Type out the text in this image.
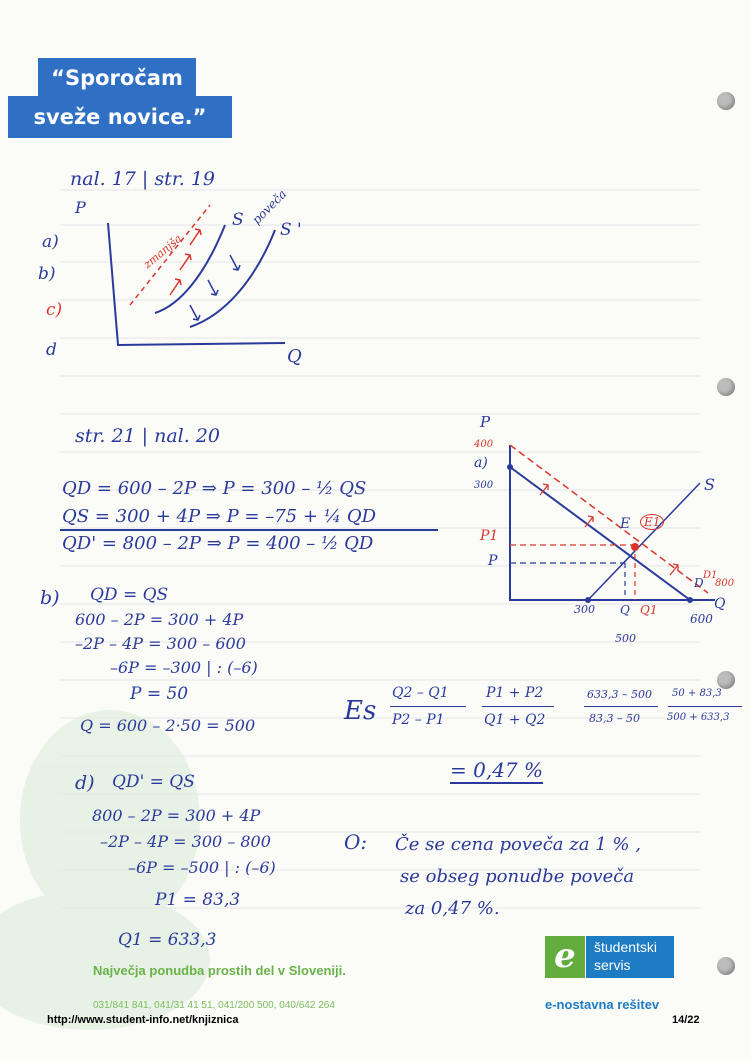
“Sporočam
sveže novice.”
nal. 17 | str. 19
P
Q
zmanjša
poveča
S S '
a)
b)
c)
d
str. 21 | nal. 20
QD = 600 – 2P ⇒ P = 300 – ½ QS
QS = 300 + 4P ⇒ P = –75 + ¼ QD
QD' = 800 – 2P ⇒ P = 400 – ½ QD
b) QD = QS
600 – 2P = 300 + 4P
–2P – 4P = 300 – 600
–6P = –300 | : (–6)
P = 50
Q = 600 – 2·50 = 500
d) QD' = QS
800 – 2P = 300 + 4P
–2P – 4P = 300 – 800
–6P = –500 | : (–6)
P1 = 83,3
Q1 = 633,3
P
400
a)
300
P1
P
E	E1
S
D
D1
800
Q
300 Q Q1
600
500
Es
Q2 – Q1
P2 – P1
P1 + P2
Q1 + Q2
633,3 – 500
83,3 – 50
50 + 83,3
500 + 633,3
= 0,47 %
O: Če se cena poveča za 1 % ,
se obseg ponudbe poveča
za 0,47 %.
Največja ponudba prostih del v Sloveniji.
031/841 841, 041/31 41 51, 041/200 500, 040/642 264
http://www.student-info.net/knjiznica
e	študentski
servis
e-nostavna rešitev
14/22
